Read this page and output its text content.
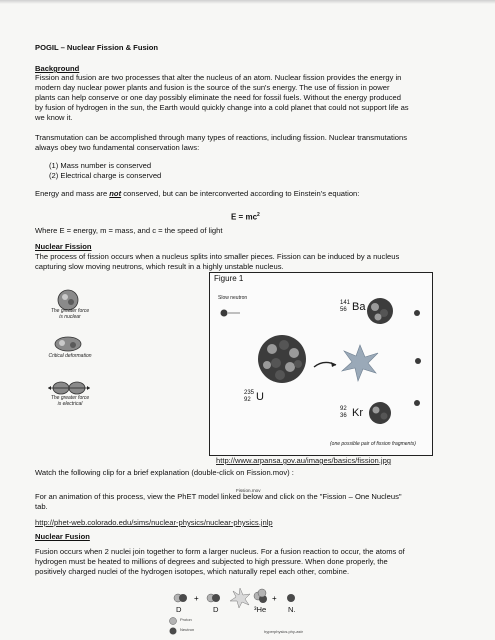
POGIL – Nuclear Fission & Fusion
Background
Fission and fusion are two processes that alter the nucleus of an atom. Nuclear fission provides the energy in
modern day nuclear power plants and fusion is the source of the sun's energy. The use of fission in power
plants can help conserve or one day possibly eliminate the need for fossil fuels. Without the energy produced
by fusion of hydrogen in the sun, the Earth would quickly change into a cold planet that could not support life as
we know it.
Transmutation can be accomplished through many types of reactions, including fission. Nuclear transmutations
always obey two fundamental conservation laws:
(1) Mass number is conserved
(2) Electrical charge is conserved
Energy and mass are not conserved, but can be interconverted according to Einstein's equation:
$E = mc^2$
Where E = energy, m = mass, and c = the speed of light
Nuclear Fission
The process of fission occurs when a nucleus splits into smaller pieces. Fission can be induced by a nucleus
capturing slow moving neutrons, which result in a highly unstable nucleus.
The greater force
is nuclear
Critical deformation
The greater force
is electrical
Figure 1
Slow neutron
235
92 U
141
56 Ba
92
36 Kr
(one possible pair of fission fragments)
http://www.arpansa.gov.au/images/basics/fission.jpg
Watch the following clip for a brief explanation (double-click on Fission.mov) :
Fission.mov
For an animation of this process, view the PhET model linked below and click on the "Fission – One Nucleus"
tab.
http://phet-web.colorado.edu/sims/nuclear-physics/nuclear-physics.jnlp
Nuclear Fusion
Fusion occurs when 2 nuclei join together to form a larger nucleus. For a fusion reaction to occur, the atoms of
hydrogen must be heated to millions of degrees and subjected to high pressure. When done properly, the
positively charged nuclei of the hydrogen isotopes, which naturally repel each other, combine.
+	+
D	D	³He	N.
Proton
Neutron	hyperphysics.phy-astr
